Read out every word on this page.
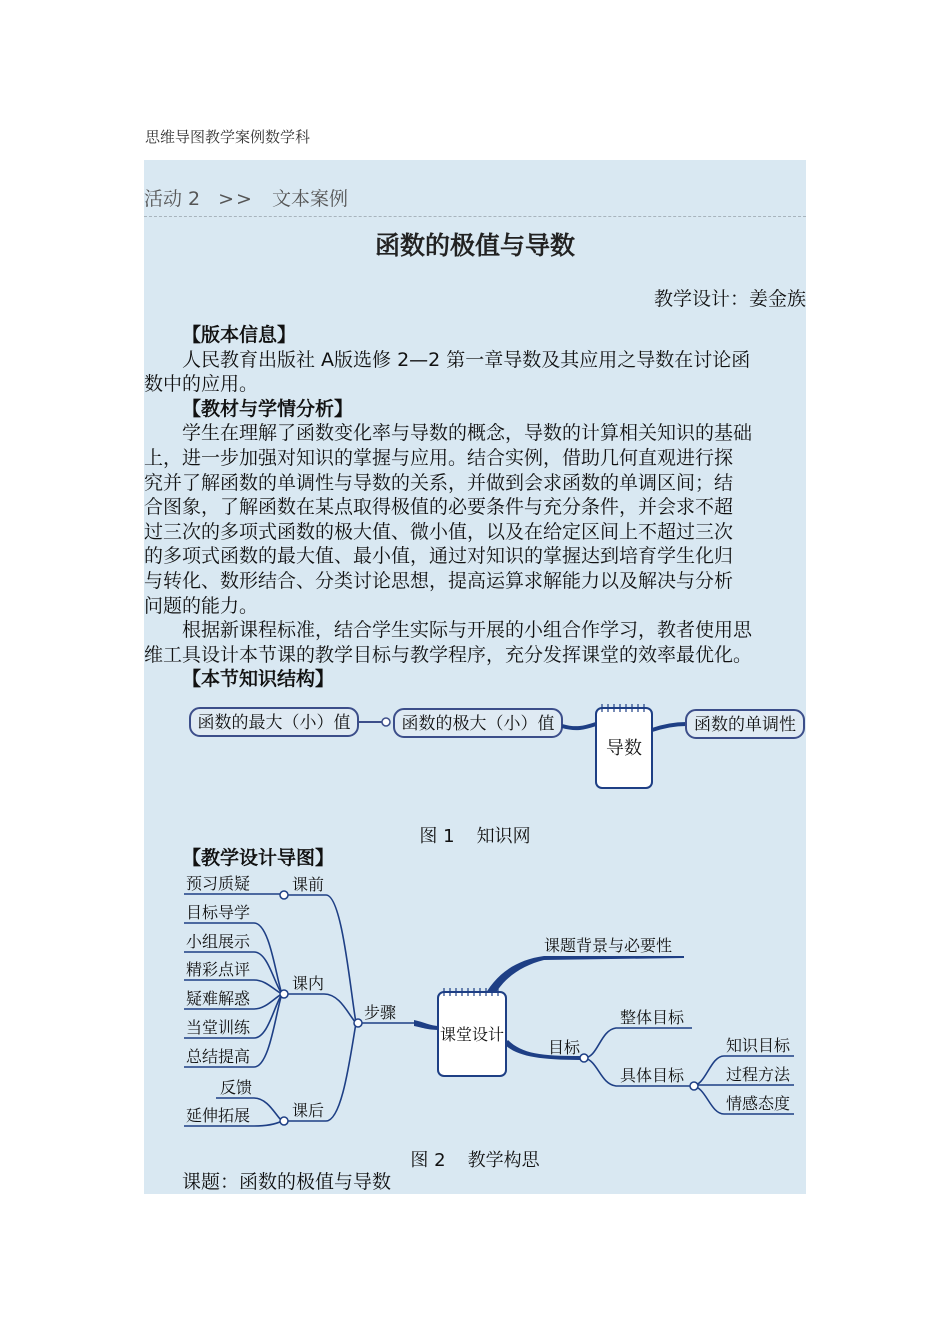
思维导图教学案例数学科
活动 2 >> 文本案例
函数的极值与导数
教学设计：姜金族

【版本信息】

人民教育出版社 A版选修 2—2 第一章导数及其应用之导数在讨论函

数中的应用。

【教材与学情分析】

学生在理解了函数变化率与导数的概念，导数的计算相关知识的基础

上，进一步加强对知识的掌握与应用。结合实例，借助几何直观进行探

究并了解函数的单调性与导数的关系，并做到会求函数的单调区间；结

合图象，了解函数在某点取得极值的必要条件与充分条件，并会求不超

过三次的多项式函数的极大值、微小值，以及在给定区间上不超过三次

的多项式函数的最大值、最小值，通过对知识的掌握达到培育学生化归

与转化、数形结合、分类讨论思想，提高运算求解能力以及解决与分析

问题的能力。

根据新课程标准，结合学生实际与开展的小组合作学习，教者使用思

维工具设计本节课的教学目标与教学程序，充分发挥课堂的效率最优化。

【本节知识结构】

函数的最大（小）值	函数的极大（小）值
导数
函数的单调性
图 1 知识网

【教学设计导图】

预习质疑	课前
目标导学
小组展示
精彩点评
疑难解惑
当堂训练
总结提高
课内
反馈
延伸拓展	课后
步骤
课堂设计
课题背景与必要性
目标
整体目标
具体目标
知识目标
过程方法
情感态度
图 2 教学构思

课题：函数的极值与导数
